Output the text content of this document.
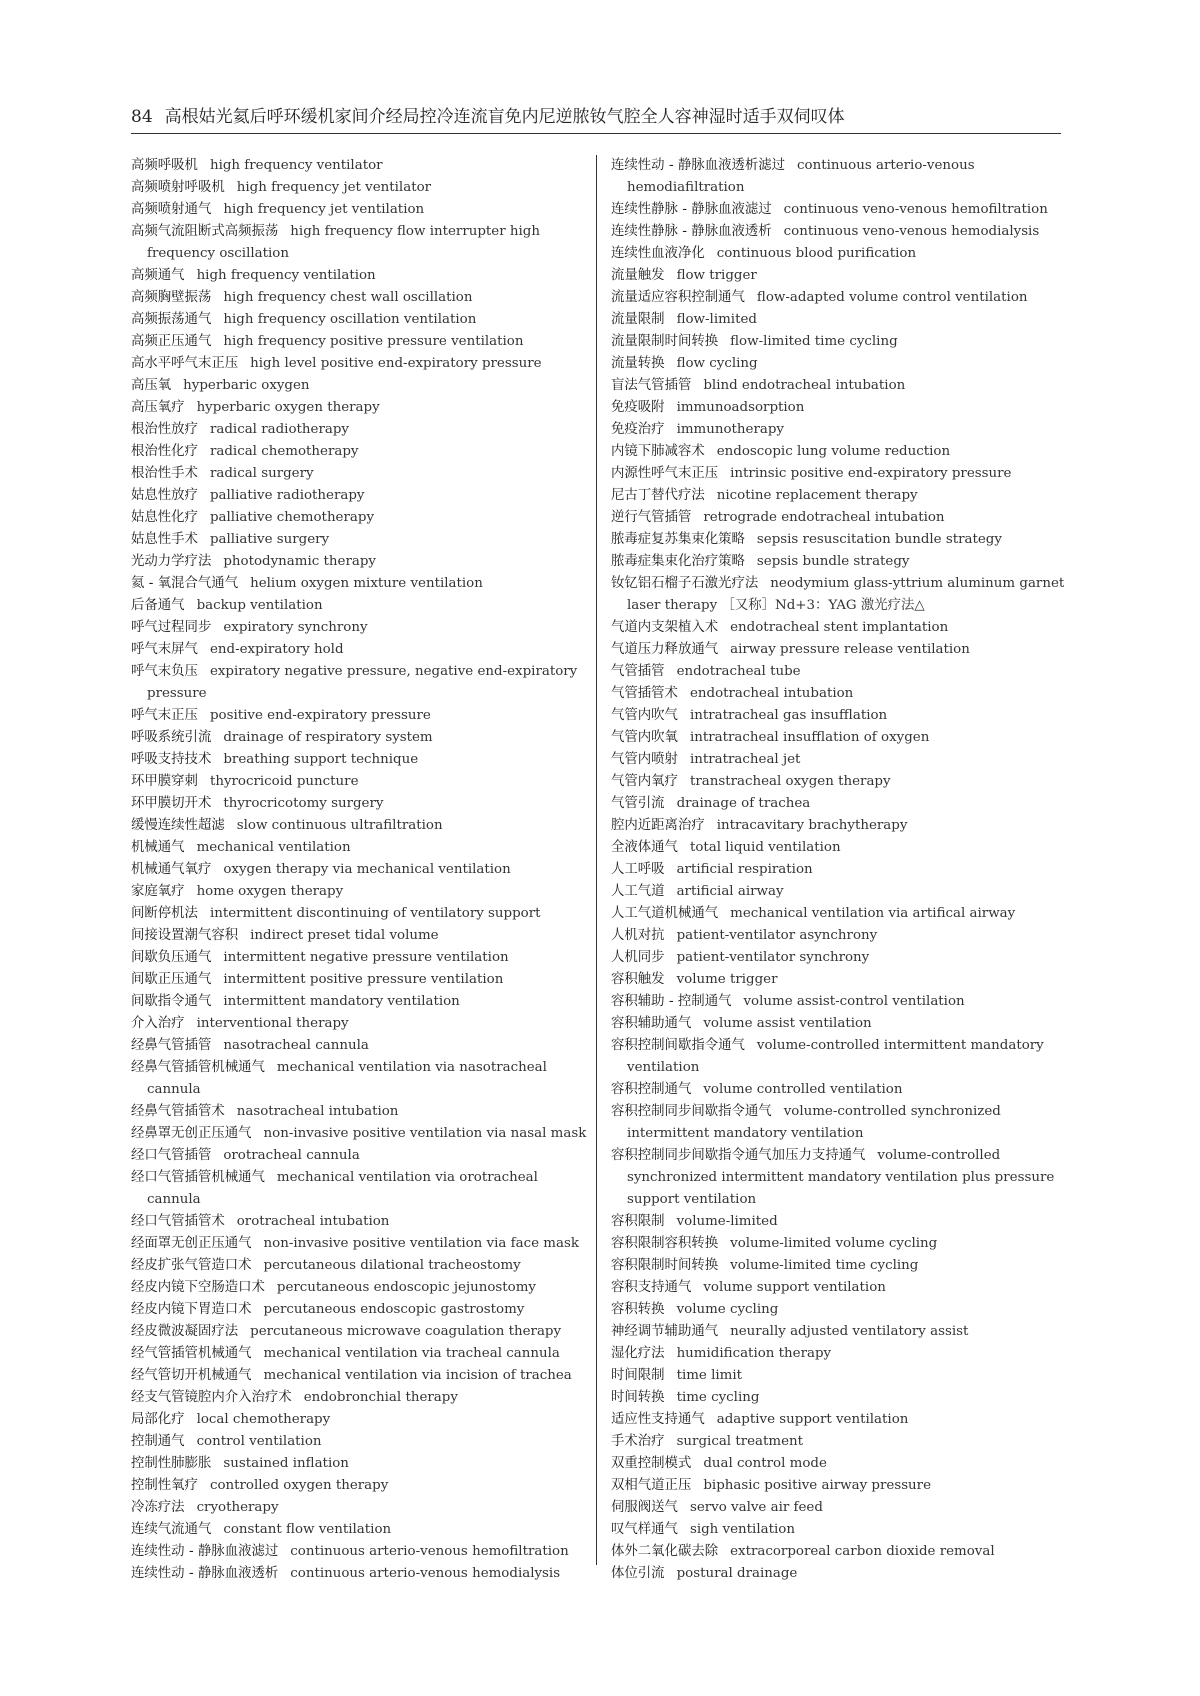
84 高根姑光氦后呼环缓机家间介经局控冷连流盲免内尼逆脓钕气腔全人容神湿时适手双伺叹体

高频呼吸机 high frequency ventilator

高频喷射呼吸机 high frequency jet ventilator

高频喷射通气 high frequency jet ventilation

高频气流阻断式高频振荡 high frequency flow interrupter high frequency oscillation

高频通气 high frequency ventilation

高频胸壁振荡 high frequency chest wall oscillation

高频振荡通气 high frequency oscillation ventilation

高频正压通气 high frequency positive pressure ventilation

高水平呼气末正压 high level positive end-expiratory pressure

高压氧 hyperbaric oxygen

高压氧疗 hyperbaric oxygen therapy

根治性放疗 radical radiotherapy

根治性化疗 radical chemotherapy

根治性手术 radical surgery

姑息性放疗 palliative radiotherapy

姑息性化疗 palliative chemotherapy

姑息性手术 palliative surgery

光动力学疗法 photodynamic therapy

氦 - 氧混合气通气 helium oxygen mixture ventilation

后备通气 backup ventilation

呼气过程同步 expiratory synchrony

呼气末屏气 end-expiratory hold

呼气末负压 expiratory negative pressure, negative end-expiratory pressure

呼气末正压 positive end-expiratory pressure

呼吸系统引流 drainage of respiratory system

呼吸支持技术 breathing support technique

环甲膜穿刺 thyrocricoid puncture

环甲膜切开术 thyrocricotomy surgery

缓慢连续性超滤 slow continuous ultrafiltration

机械通气 mechanical ventilation

机械通气氧疗 oxygen therapy via mechanical ventilation

家庭氧疗 home oxygen therapy

间断停机法 intermittent discontinuing of ventilatory support

间接设置潮气容积 indirect preset tidal volume

间歇负压通气 intermittent negative pressure ventilation

间歇正压通气 intermittent positive pressure ventilation

间歇指令通气 intermittent mandatory ventilation

介入治疗 interventional therapy

经鼻气管插管 nasotracheal cannula

经鼻气管插管机械通气 mechanical ventilation via nasotracheal cannula

经鼻气管插管术 nasotracheal intubation

经鼻罩无创正压通气 non-invasive positive ventilation via nasal mask

经口气管插管 orotracheal cannula

经口气管插管机械通气 mechanical ventilation via orotracheal cannula

经口气管插管术 orotracheal intubation

经面罩无创正压通气 non-invasive positive ventilation via face mask

经皮扩张气管造口术 percutaneous dilational tracheostomy

经皮内镜下空肠造口术 percutaneous endoscopic jejunostomy

经皮内镜下胃造口术 percutaneous endoscopic gastrostomy

经皮微波凝固疗法 percutaneous microwave coagulation therapy

经气管插管机械通气 mechanical ventilation via tracheal cannula

经气管切开机械通气 mechanical ventilation via incision of trachea

经支气管镜腔内介入治疗术 endobronchial therapy

局部化疗 local chemotherapy

控制通气 control ventilation

控制性肺膨胀 sustained inflation

控制性氧疗 controlled oxygen therapy

冷冻疗法 cryotherapy

连续气流通气 constant flow ventilation

连续性动 - 静脉血液滤过 continuous arterio-venous hemofiltration

连续性动 - 静脉血液透析 continuous arterio-venous hemodialysis

连续性动 - 静脉血液透析滤过 continuous arterio-venous hemodiafiltration

连续性静脉 - 静脉血液滤过 continuous veno-venous hemofiltration

连续性静脉 - 静脉血液透析 continuous veno-venous hemodialysis

连续性血液净化 continuous blood purification

流量触发 flow trigger

流量适应容积控制通气 flow-adapted volume control ventilation

流量限制 flow-limited

流量限制时间转换 flow-limited time cycling

流量转换 flow cycling

盲法气管插管 blind endotracheal intubation

免疫吸附 immunoadsorption

免疫治疗 immunotherapy

内镜下肺减容术 endoscopic lung volume reduction

内源性呼气末正压 intrinsic positive end-expiratory pressure

尼古丁替代疗法 nicotine replacement therapy

逆行气管插管 retrograde endotracheal intubation

脓毒症复苏集束化策略 sepsis resuscitation bundle strategy

脓毒症集束化治疗策略 sepsis bundle strategy

钕钇铝石榴子石激光疗法 neodymium glass-yttrium aluminum garnet laser therapy ［又称］Nd+3：YAG 激光疗法△

气道内支架植入术 endotracheal stent implantation

气道压力释放通气 airway pressure release ventilation

气管插管 endotracheal tube

气管插管术 endotracheal intubation

气管内吹气 intratracheal gas insufflation

气管内吹氧 intratracheal insufflation of oxygen

气管内喷射 intratracheal jet

气管内氧疗 transtracheal oxygen therapy

气管引流 drainage of trachea

腔内近距离治疗 intracavitary brachytherapy

全液体通气 total liquid ventilation

人工呼吸 artificial respiration

人工气道 artificial airway

人工气道机械通气 mechanical ventilation via artifical airway

人机对抗 patient-ventilator asynchrony

人机同步 patient-ventilator synchrony

容积触发 volume trigger

容积辅助 - 控制通气 volume assist-control ventilation

容积辅助通气 volume assist ventilation

容积控制间歇指令通气 volume-controlled intermittent mandatory ventilation

容积控制通气 volume controlled ventilation

容积控制同步间歇指令通气 volume-controlled synchronized intermittent mandatory ventilation

容积控制同步间歇指令通气加压力支持通气 volume-controlled synchronized intermittent mandatory ventilation plus pressure support ventilation

容积限制 volume-limited

容积限制容积转换 volume-limited volume cycling

容积限制时间转换 volume-limited time cycling

容积支持通气 volume support ventilation

容积转换 volume cycling

神经调节辅助通气 neurally adjusted ventilatory assist

湿化疗法 humidification therapy

时间限制 time limit

时间转换 time cycling

适应性支持通气 adaptive support ventilation

手术治疗 surgical treatment

双重控制模式 dual control mode

双相气道正压 biphasic positive airway pressure

伺服阀送气 servo valve air feed

叹气样通气 sigh ventilation

体外二氧化碳去除 extracorporeal carbon dioxide removal

体位引流 postural drainage
